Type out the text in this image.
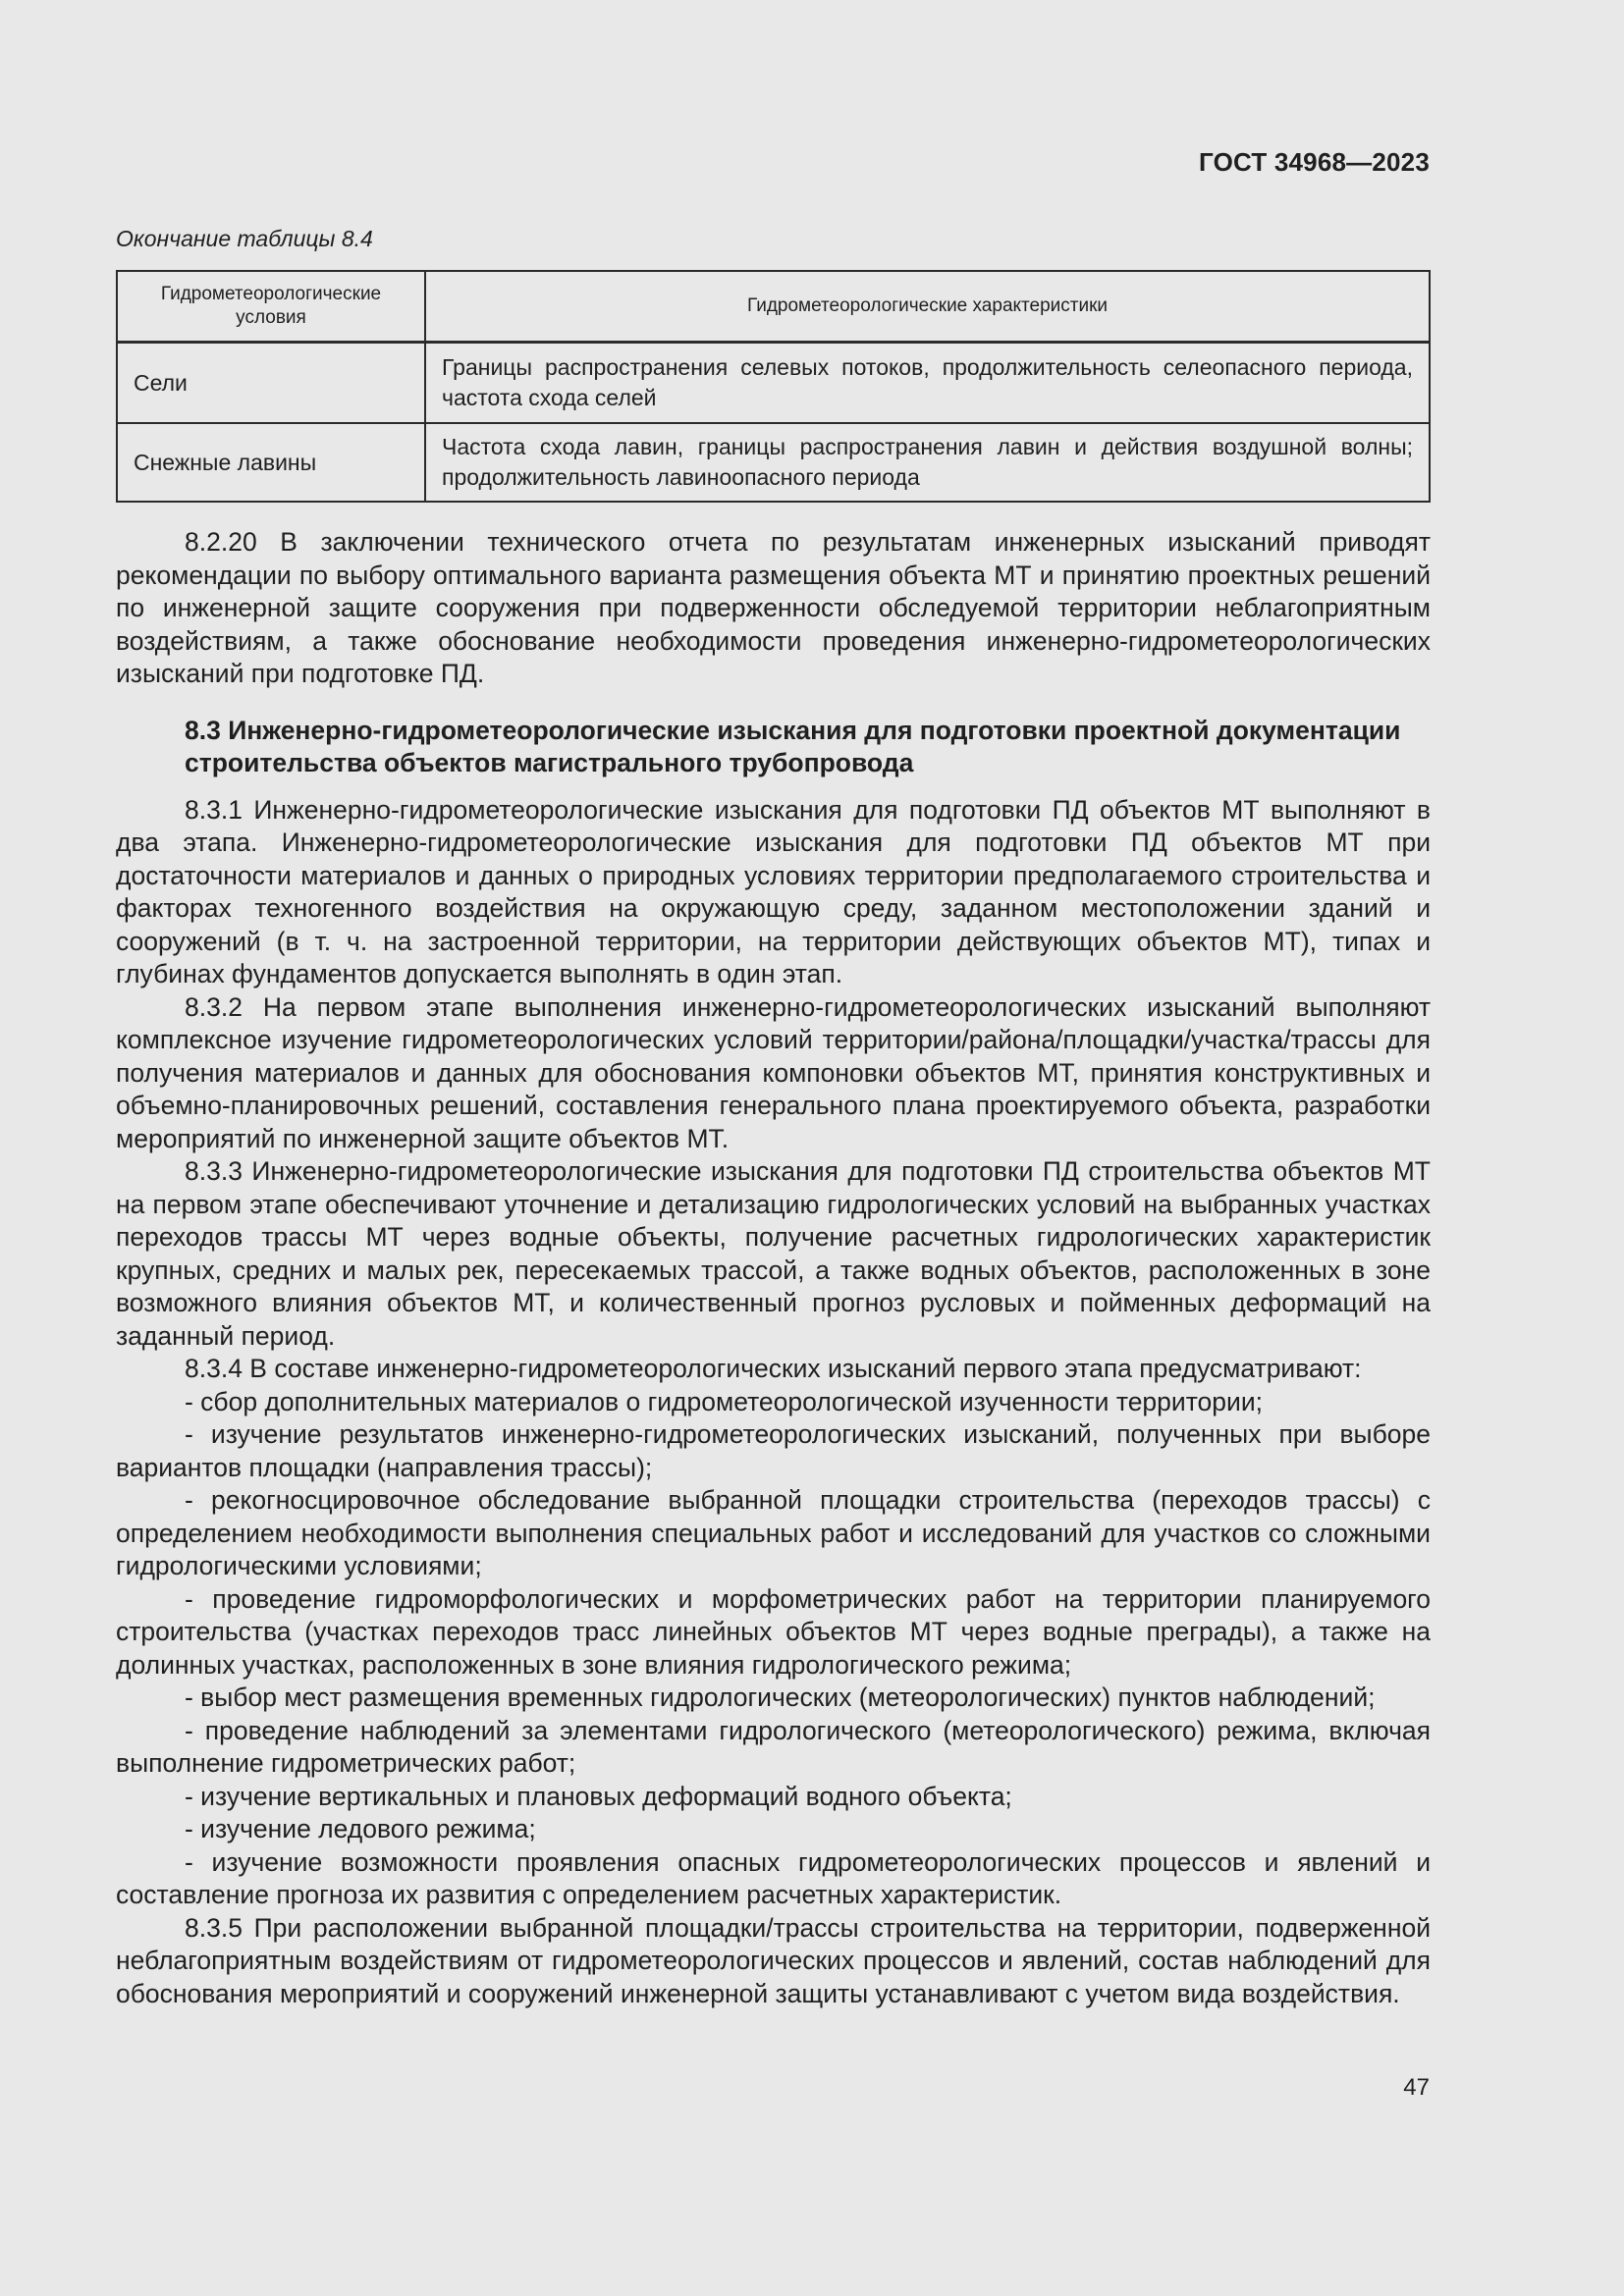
ГОСТ 34968—2023
Окончание таблицы 8.4
Гидрометеорологические условия	Гидрометеорологические характеристики
Сели	Границы распространения селевых потоков, продолжительность селеопасного периода, частота схода селей
Снежные лавины	Частота схода лавин, границы распространения лавин и действия воздушной волны; продолжительность лавиноопасного периода

8.2.20 В заключении технического отчета по результатам инженерных изысканий приводят рекомендации по выбору оптимального варианта размещения объекта МТ и принятию проектных решений по инженерной защите сооружения при подверженности обследуемой территории неблагоприятным воздействиям, а также обоснование необходимости проведения инженерно-гидрометеорологических изысканий при подготовке ПД.

8.3 Инженерно-гидрометеорологические изыскания для подготовки проектной документации строительства объектов магистрального трубопровода

8.3.1 Инженерно-гидрометеорологические изыскания для подготовки ПД объектов МТ выполняют в два этапа. Инженерно-гидрометеорологические изыскания для подготовки ПД объектов МТ при достаточности материалов и данных о природных условиях территории предполагаемого строительства и факторах техногенного воздействия на окружающую среду, заданном местоположении зданий и сооружений (в т. ч. на застроенной территории, на территории действующих объектов МТ), типах и глубинах фундаментов допускается выполнять в один этап.

8.3.2 На первом этапе выполнения инженерно-гидрометеорологических изысканий выполняют комплексное изучение гидрометеорологических условий территории/района/площадки/участка/трассы для получения материалов и данных для обоснования компоновки объектов МТ, принятия конструктивных и объемно-планировочных решений, составления генерального плана проектируемого объекта, разработки мероприятий по инженерной защите объектов МТ.

8.3.3 Инженерно-гидрометеорологические изыскания для подготовки ПД строительства объектов МТ на первом этапе обеспечивают уточнение и детализацию гидрологических условий на выбранных участках переходов трассы МТ через водные объекты, получение расчетных гидрологических характеристик крупных, средних и малых рек, пересекаемых трассой, а также водных объектов, расположенных в зоне возможного влияния объектов МТ, и количественный прогноз русловых и пойменных деформаций на заданный период.

8.3.4 В составе инженерно-гидрометеорологических изысканий первого этапа предусматривают:

- сбор дополнительных материалов о гидрометеорологической изученности территории;

- изучение результатов инженерно-гидрометеорологических изысканий, полученных при выборе вариантов площадки (направления трассы);

- рекогносцировочное обследование выбранной площадки строительства (переходов трассы) с определением необходимости выполнения специальных работ и исследований для участков со сложными гидрологическими условиями;

- проведение гидроморфологических и морфометрических работ на территории планируемого строительства (участках переходов трасс линейных объектов МТ через водные преграды), а также на долинных участках, расположенных в зоне влияния гидрологического режима;

- выбор мест размещения временных гидрологических (метеорологических) пунктов наблюдений;

- проведение наблюдений за элементами гидрологического (метеорологического) режима, включая выполнение гидрометрических работ;

- изучение вертикальных и плановых деформаций водного объекта;

- изучение ледового режима;

- изучение возможности проявления опасных гидрометеорологических процессов и явлений и составление прогноза их развития с определением расчетных характеристик.

8.3.5 При расположении выбранной площадки/трассы строительства на территории, подверженной неблагоприятным воздействиям от гидрометеорологических процессов и явлений, состав наблюдений для обоснования мероприятий и сооружений инженерной защиты устанавливают с учетом вида воздействия.

47
